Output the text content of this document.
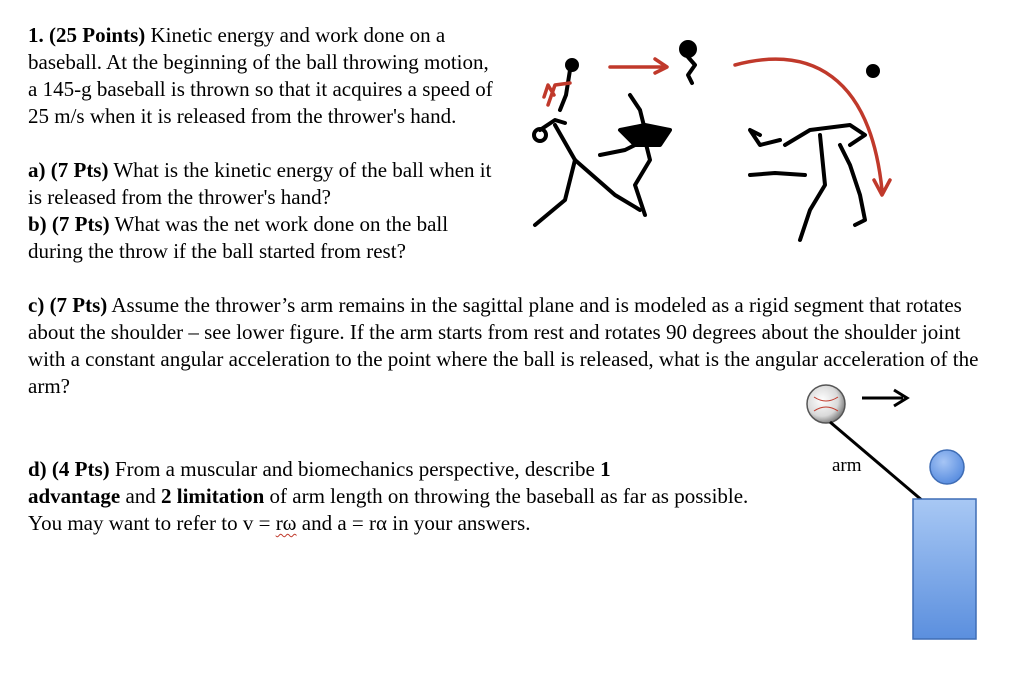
1. (25 Points) Kinetic energy and work done on a baseball. At the beginning of the ball throwing motion, a 145-g baseball is thrown so that it acquires a speed of 25 m/s when it is released from the thrower's hand.
a) (7 Pts) What is the kinetic energy of the ball when it is released from the thrower's hand?
b) (7 Pts) What was the net work done on the ball during the throw if the ball started from rest?
c) (7 Pts) Assume the thrower’s arm remains in the sagittal plane and is modeled as a rigid segment that rotates about the shoulder – see lower figure. If the arm starts from rest and rotates 90 degrees about the shoulder joint with a constant angular acceleration to the point where the ball is released, what is the angular acceleration of the arm?
d) (4 Pts) From a muscular and biomechanics perspective, describe 1
advantage and 2 limitation of arm length on throwing the baseball as far as possible. You may want to refer to v = rω and a = rα in your answers.
arm
